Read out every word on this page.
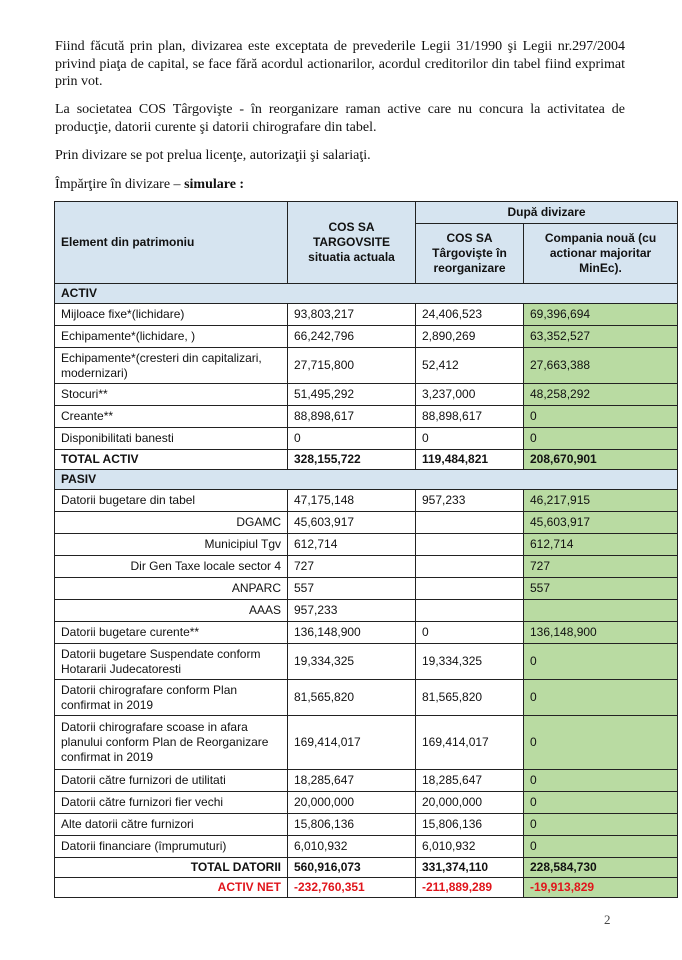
Fiind făcută prin plan, divizarea este exceptata de prevederile Legii 31/1990 şi Legii nr.297/2004 privind piaţa de capital, se face fără acordul actionarilor, acordul creditorilor din tabel fiind exprimat prin vot.

La societatea COS Târgovişte - în reorganizare raman active care nu concura la activitatea de producţie, datorii curente şi datorii chirografare din tabel.

Prin divizare se pot prelua licenţe, autorizaţii şi salariaţi.

Împărţire în divizare – simulare :

Element din patrimoniu	COS SA TARGOVSITE situatia actuala	După divizare	
		COS SA Târgovişte în reorganizare	Compania nouă (cu actionar majoritar MinEc).
ACTIV			
Mijloace fixe*(lichidare)	93,803,217	24,406,523	69,396,694
Echipamente*(lichidare, )	66,242,796	2,890,269	63,352,527
Echipamente*(cresteri din capitalizari, modernizari)	27,715,800	52,412	27,663,388
Stocuri**	51,495,292	3,237,000	48,258,292
Creante**	88,898,617	88,898,617	0
Disponibilitati banesti	0	0	0
TOTAL ACTIV	328,155,722	119,484,821	208,670,901
PASIV			
Datorii bugetare din tabel	47,175,148	957,233	46,217,915
DGAMC	45,603,917		45,603,917
Municipiul Tgv	612,714		612,714
Dir Gen Taxe locale sector 4	727		727
ANPARC	557		557
AAAS	957,233		
Datorii bugetare curente**	136,148,900	0	136,148,900
Datorii bugetare Suspendate conform Hotararii Judecatoresti	19,334,325	19,334,325	0
Datorii chirografare conform Plan confirmat in 2019	81,565,820	81,565,820	0
Datorii chirografare scoase in afara planului conform Plan de Reorganizare confirmat in 2019	169,414,017	169,414,017	0
Datorii către furnizori de utilitati	18,285,647	18,285,647	0
Datorii către furnizori fier vechi	20,000,000	20,000,000	0
Alte datorii către furnizori	15,806,136	15,806,136	0
Datorii financiare (împrumuturi)	6,010,932	6,010,932	0
TOTAL DATORII	560,916,073	331,374,110	228,584,730
ACTIV NET	-232,760,351	-211,889,289	-19,913,829
2
